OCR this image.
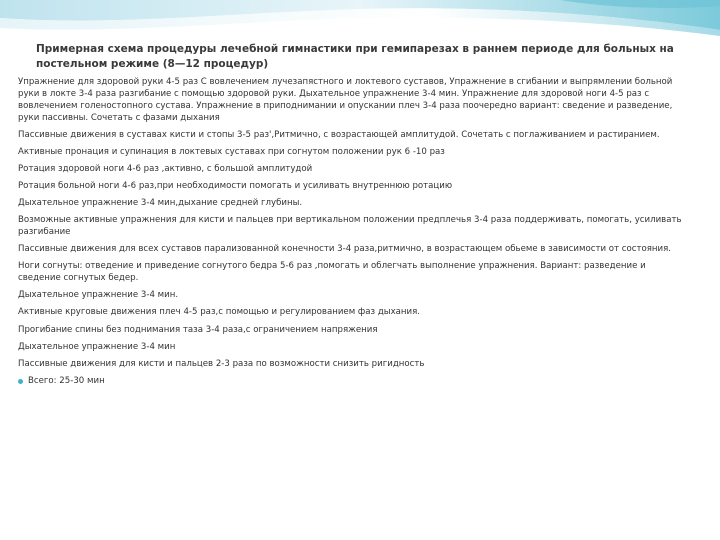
Примерная схема процедуры лечебной гимнастики при гемипарезах в раннем периоде для больных на постельном режиме (8—12 процедур)

Упражнение для здоровой руки 4-5 раз С вовлечением лучезапястного и локтевого суставов, Упражнение в сгибании и выпрямлении больной руки в локте 3-4 раза разгибание с помощью здоровой руки. Дыхательное упражнение 3-4 мин. Упражнение для здоровой ноги 4-5 раз с вовлечением голеностопного сустава. Упражнение в приподнимании и опускании плеч 3-4 раза поочередно вариант: сведение и разведение, руки пассивны. Сочетать с фазами дыхания

Пассивные движения в суставах кисти и стопы 3-5 раз',Ритмично, с возрастающей амплитудой. Сочетать с поглаживанием и растиранием.

Активные пронация и супинация в локтевых суставах при согнутом положении рук 6 -10 раз

Ротация здоровой ноги 4-6 раз ,активно, с большой амплитудой

Ротация больной ноги 4-6 раз,при необходимости помогать и усиливать внутреннюю ротацию

Дыхательное упражнение 3-4 мин,дыхание средней глубины.

Возможные активные упражнения для кисти и пальцев при вертикальном положении предплечья 3-4 раза поддерживать, помогать, усиливать разгибание

Пассивные движения для всех суставов парализованной конечности 3-4 раза,ритмично, в возрастающем обьеме в зависимости от состояния.

Ноги согнуты: отведение и приведение согнутого бедра 5-6 раз ,помогать и облегчать выполнение упражнения. Вариант: разведение и сведение согнутых бедер.

Дыхательное упражнение 3-4 мин.

Активные круговые движения плеч 4-5 раз,с помощью и регулированием фаз дыхания.

Прогибание спины без поднимания таза 3-4 раза,с ограничением напряжения

Дыхательное упражнение 3-4 мин

Пассивные движения для кисти и пальцев 2-3 раза по возможности снизить ригидность

Всего: 25-30 мин
